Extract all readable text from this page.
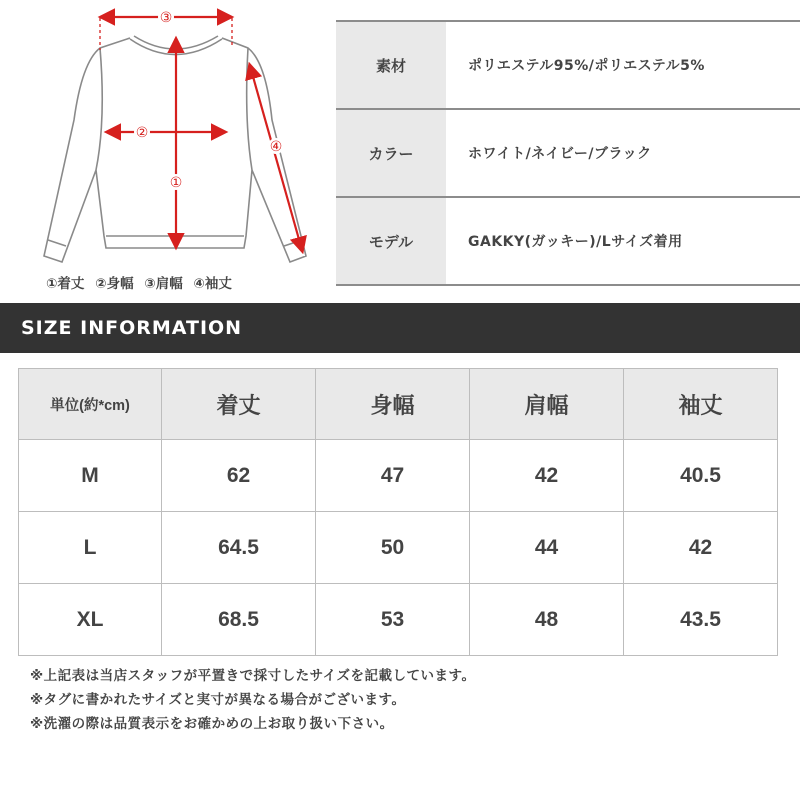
③
②
①
④
①着丈 ②身幅 ③肩幅 ④袖丈
素材	ポリエステル95%/ポリエステル5%
カラー	ホワイト/ネイビー/ブラック
モデル	GAKKY(ガッキー)/Lサイズ着用
SIZE INFORMATION
単位(約*cm)	着丈	身幅	肩幅	袖丈
M	62	47	42	40.5
L	64.5	50	44	42
XL	68.5	53	48	43.5
※上記表は当店スタッフが平置きで採寸したサイズを記載しています。
※タグに書かれたサイズと実寸が異なる場合がございます。
※洗濯の際は品質表示をお確かめの上お取り扱い下さい。
